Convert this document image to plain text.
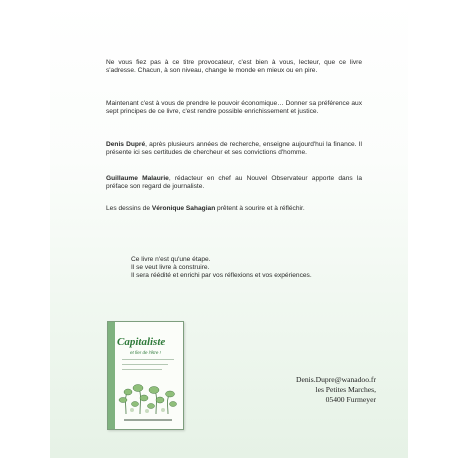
Ne vous fiez pas à ce titre provocateur, c'est bien à vous, lecteur, que ce livre s'adresse. Chacun, à son niveau, change le monde en mieux ou en pire.
Maintenant c'est à vous de prendre le pouvoir économique… Donner sa préférence aux sept principes de ce livre, c'est rendre possible enrichissement et justice.
Denis Dupré, après plusieurs années de recherche, enseigne aujourd'hui la finance. Il présente ici ses certitudes de chercheur et ses convictions d'homme.
Guillaume Malaurie, rédacteur en chef au Nouvel Observateur apporte dans la préface son regard de journaliste.
Les dessins de Véronique Sahagian prêtent à sourire et à réfléchir.
Ce livre n'est qu'une étape.
Il se veut livre à construire.
Il sera réédité et enrichi par vos réflexions et vos expériences.
Capitaliste
et fier de l'être !
Denis.Dupre@wanadoo.fr
les Petites Marches,
05400 Furmeyer
